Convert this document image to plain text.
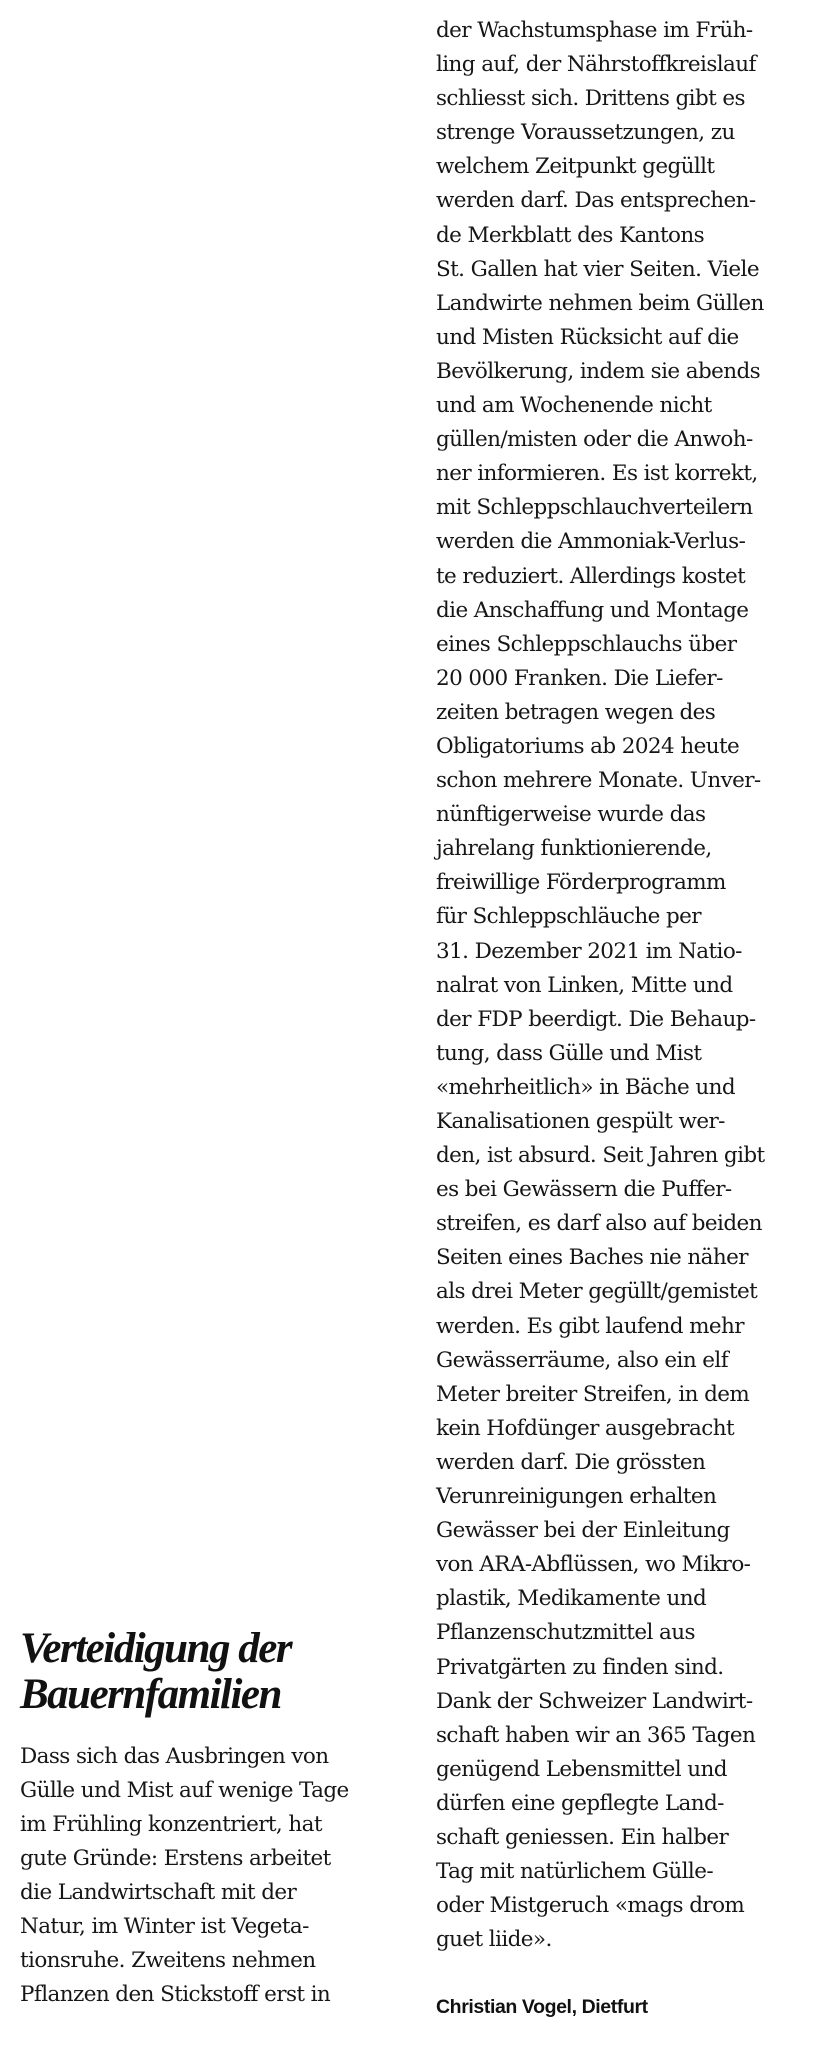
der Wachstumsphase im Früh-
ling auf, der Nährstoffkreislauf
schliesst sich. Drittens gibt es
strenge Voraussetzungen, zu
welchem Zeitpunkt gegüllt
werden darf. Das entsprechen-
de Merkblatt des Kantons
St. Gallen hat vier Seiten. Viele
Landwirte nehmen beim Güllen
und Misten Rücksicht auf die
Bevölkerung, indem sie abends
und am Wochenende nicht
güllen/misten oder die Anwoh-
ner informieren. Es ist korrekt,
mit Schleppschlauchverteilern
werden die Ammoniak-Verlus-
te reduziert. Allerdings kostet
die Anschaffung und Montage
eines Schleppschlauchs über
20 000 Franken. Die Liefer-
zeiten betragen wegen des
Obligatoriums ab 2024 heute
schon mehrere Monate. Unver-
nünftigerweise wurde das
jahrelang funktionierende,
freiwillige Förderprogramm
für Schleppschläuche per
31. Dezember 2021 im Natio-
nalrat von Linken, Mitte und
der FDP beerdigt. Die Behaup-
tung, dass Gülle und Mist
«mehrheitlich» in Bäche und
Kanalisationen gespült wer-
den, ist absurd. Seit Jahren gibt
es bei Gewässern die Puffer-
streifen, es darf also auf beiden
Seiten eines Baches nie näher
als drei Meter gegüllt/gemistet
werden. Es gibt laufend mehr
Gewässerräume, also ein elf
Meter breiter Streifen, in dem
kein Hofdünger ausgebracht
werden darf. Die grössten
Verunreinigungen erhalten
Gewässer bei der Einleitung
von ARA-Abflüssen, wo Mikro-
plastik, Medikamente und
Pflanzenschutzmittel aus
Privatgärten zu finden sind.
Dank der Schweizer Landwirt-
schaft haben wir an 365 Tagen
genügend Lebensmittel und
dürfen eine gepflegte Land-
schaft geniessen. Ein halber
Tag mit natürlichem Gülle-
oder Mistgeruch «mags drom
guet liide».
Christian Vogel, Dietfurt
Verteidigung der
Bauernfamilien
Dass sich das Ausbringen von
Gülle und Mist auf wenige Tage
im Frühling konzentriert, hat
gute Gründe: Erstens arbeitet
die Landwirtschaft mit der
Natur, im Winter ist Vegeta-
tionsruhe. Zweitens nehmen
Pflanzen den Stickstoff erst in
